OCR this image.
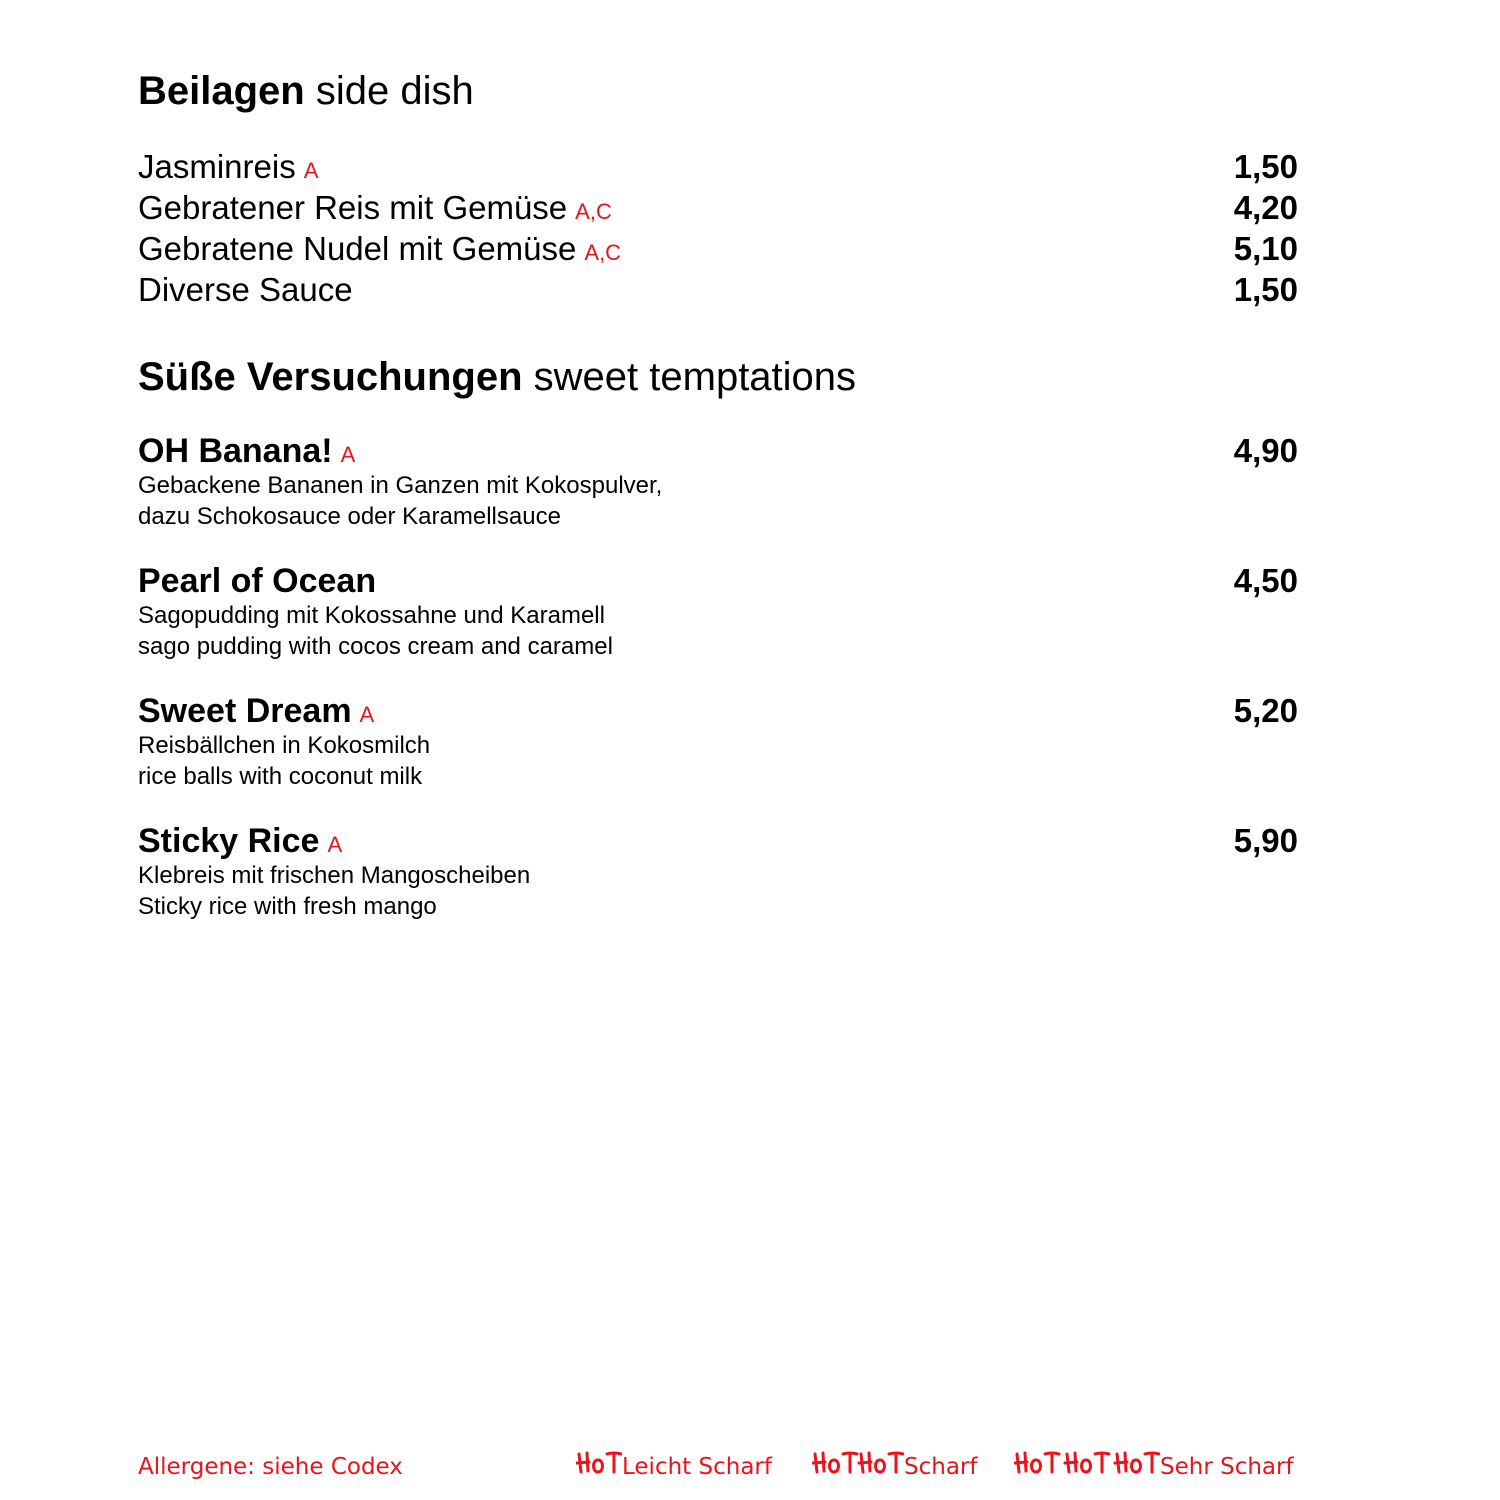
Beilagen side dish
Jasminreis A	1,50
Gebratener Reis mit Gemüse A,C	4,20
Gebratene Nudel mit Gemüse A,C	5,10
Diverse Sauce	1,50
Süße Versuchungen sweet temptations
OH Banana! A	4,90
Gebackene Bananen in Ganzen mit Kokospulver,
dazu Schokosauce oder Karamellsauce
Pearl of Ocean	4,50
Sagopudding mit Kokossahne und Karamell
sago pudding with cocos cream and caramel
Sweet Dream A	5,20
Reisbällchen in Kokosmilch
rice balls with coconut milk
Sticky Rice A	5,90
Klebreis mit frischen Mangoscheiben
Sticky rice with fresh mango
Allergene: siehe Codex	Leicht Scharf	Scharf	Sehr Scharf
